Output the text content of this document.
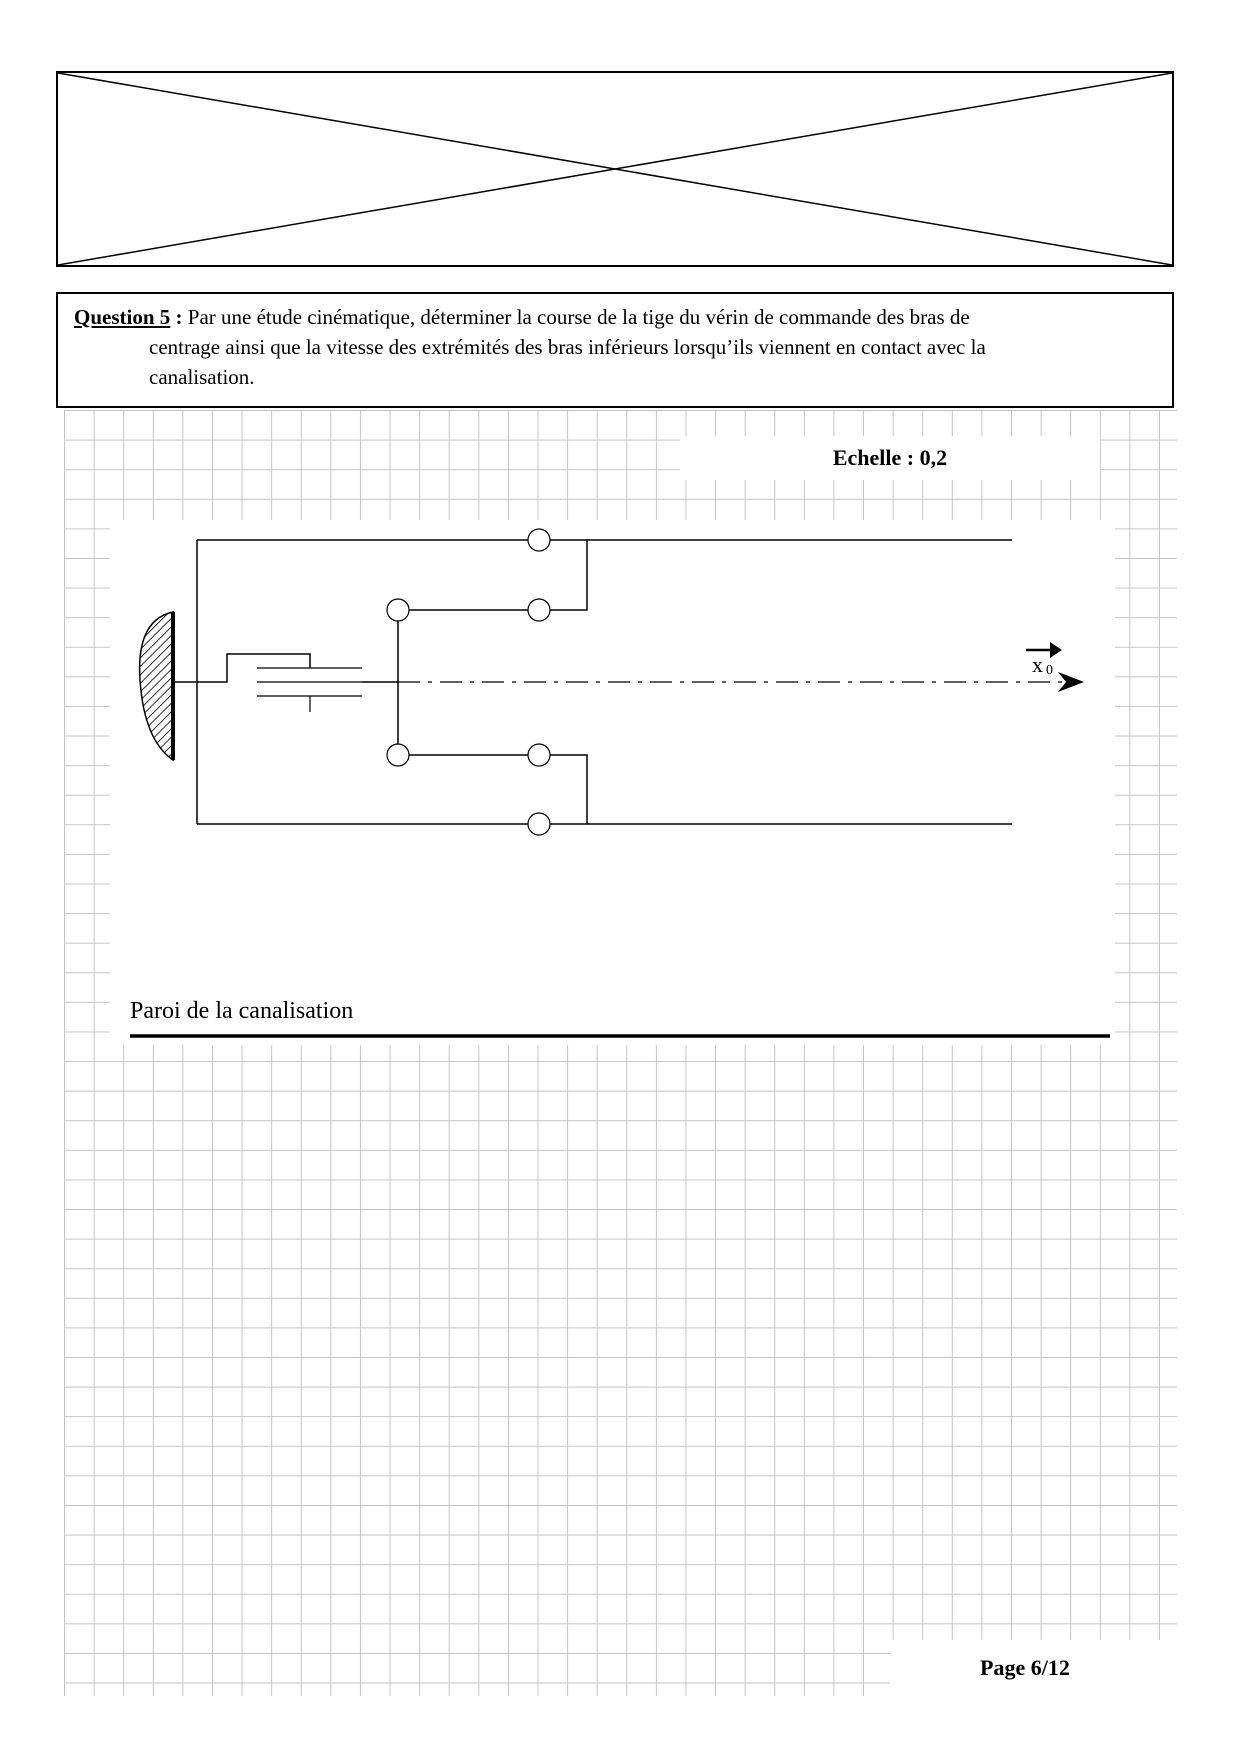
Question 5 : Par une étude cinématique, déterminer la course de la tige du vérin de commande des bras de
centrage ainsi que la vitesse des extrémités des bras inférieurs lorsqu’ils viennent en contact avec la
canalisation.
Echelle : 0,2
x 0
Paroi de la canalisation
Page 6/12
